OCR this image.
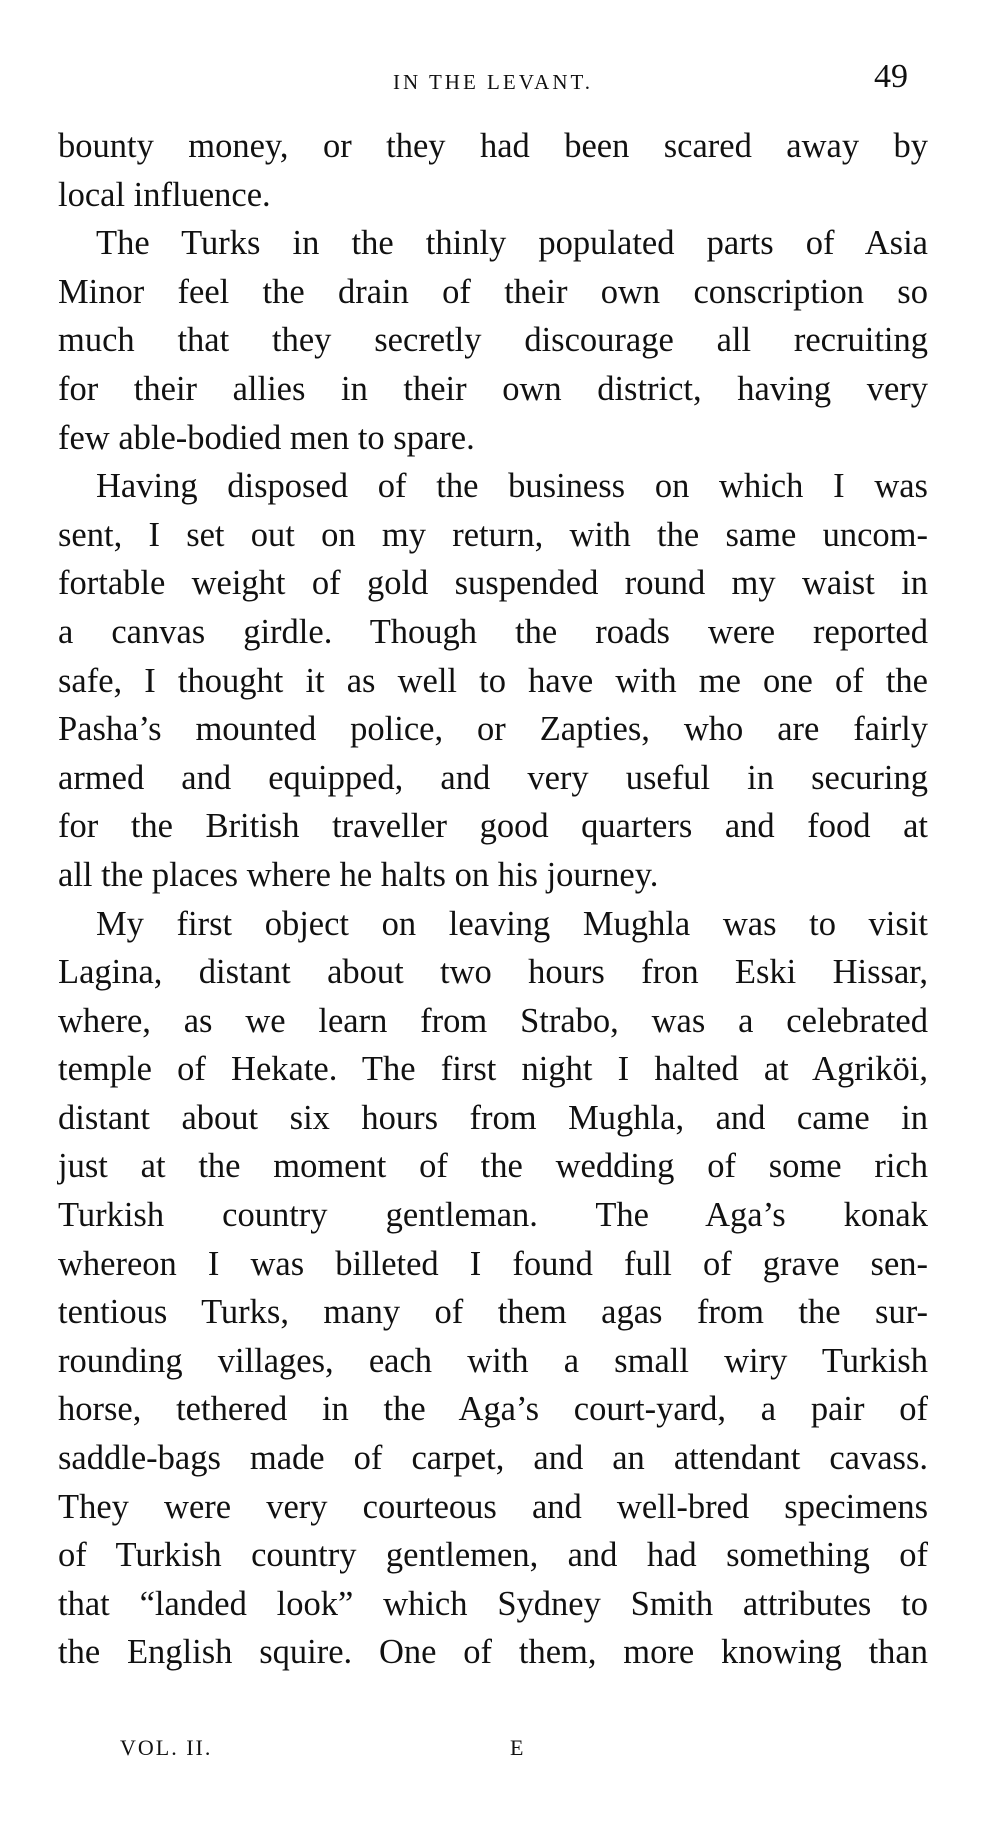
IN THE LEVANT.	49
bounty money, or they had been scared away by
local influence.
The Turks in the thinly populated parts of Asia
Minor feel the drain of their own conscription so
much that they secretly discourage all recruiting
for their allies in their own district, having very
few able-bodied men to spare.
Having disposed of the business on which I was
sent, I set out on my return, with the same uncom-
fortable weight of gold suspended round my waist in
a canvas girdle. Though the roads were reported
safe, I thought it as well to have with me one of the
Pasha’s mounted police, or Zapties, who are fairly
armed and equipped, and very useful in securing
for the British traveller good quarters and food at
all the places where he halts on his journey.
My first object on leaving Mughla was to visit
Lagina, distant about two hours fron Eski Hissar,
where, as we learn from Strabo, was a celebrated
temple of Hekate. The first night I halted at Agriköi,
distant about six hours from Mughla, and came in
just at the moment of the wedding of some rich
Turkish country gentleman. The Aga’s konak
whereon I was billeted I found full of grave sen-
tentious Turks, many of them agas from the sur-
rounding villages, each with a small wiry Turkish
horse, tethered in the Aga’s court-yard, a pair of
saddle-bags made of carpet, and an attendant cavass.
They were very courteous and well-bred specimens
of Turkish country gentlemen, and had something of
that “landed look” which Sydney Smith attributes to
the English squire. One of them, more knowing than
VOL. II.	E
